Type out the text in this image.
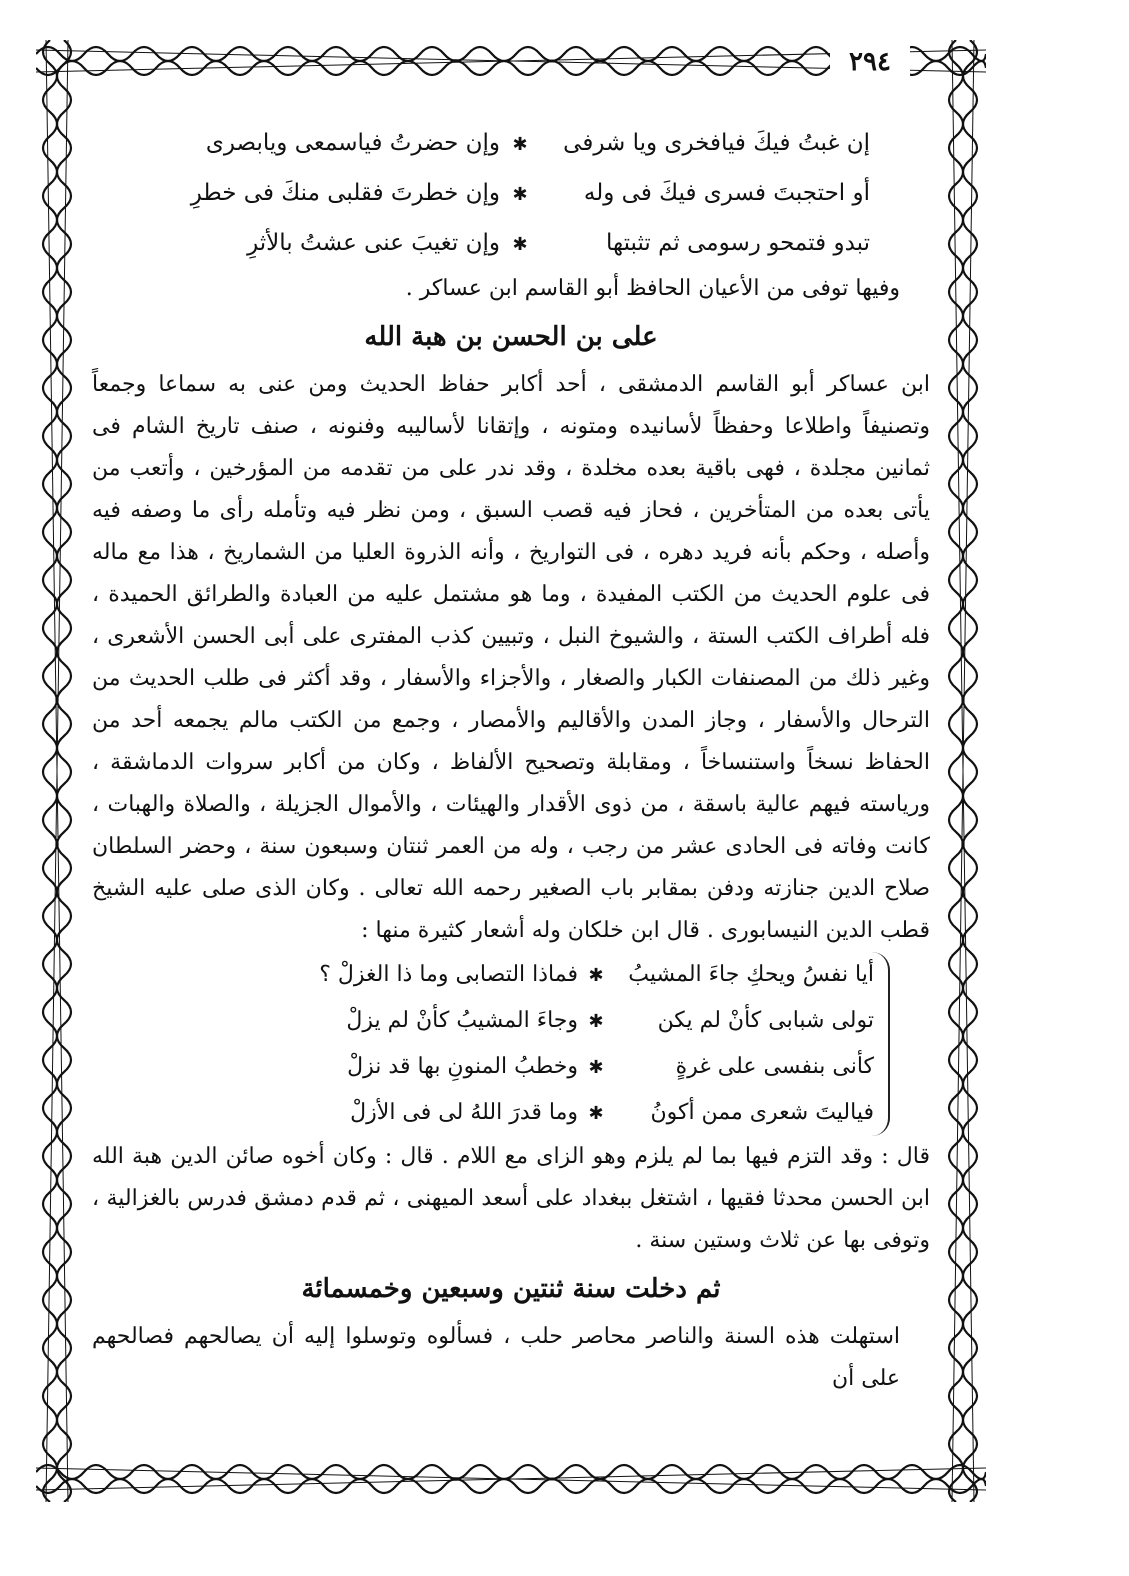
٢٩٤
إن غبتُ فيكَ فيافخرى ويا شرفى
✱
وإن حضرتُ فياسمعى ويابصرى
أو احتجبتَ فسرى فيكَ فى وله
✱
وإن خطرتَ فقلبى منكَ فى خطرِ
تبدو فتمحو رسومى ثم تثبتها
✱
وإن تغيبَ عنى عشتُ بالأثرِ
وفيها توفى من الأعيان الحافظ أبو القاسم ابن عساكر .
على بن الحسن بن هبة الله

ابن عساكر أبو القاسم الدمشقى ، أحد أكابر حفاظ الحديث ومن عنى به سماعا وجمعاً وتصنيفاً واطلاعا وحفظاً لأسانيده ومتونه ، وإتقانا لأساليبه وفنونه ، صنف تاريخ الشام فى ثمانين مجلدة ، فهى باقية بعده مخلدة ، وقد ندر على من تقدمه من المؤرخين ، وأتعب من يأتى بعده من المتأخرين ، فحاز فيه قصب السبق ، ومن نظر فيه وتأمله رأى ما وصفه فيه وأصله ، وحكم بأنه فريد دهره ، فى التواريخ ، وأنه الذروة العليا من الشماريخ ، هذا مع ماله فى علوم الحديث من الكتب المفيدة ، وما هو مشتمل عليه من العبادة والطرائق الحميدة ، فله أطراف الكتب الستة ، والشيوخ النبل ، وتبيين كذب المفترى على أبى الحسن الأشعرى ، وغير ذلك من المصنفات الكبار والصغار ، والأجزاء والأسفار ، وقد أكثر فى طلب الحديث من الترحال والأسفار ، وجاز المدن والأقاليم والأمصار ، وجمع من الكتب مالم يجمعه أحد من الحفاظ نسخاً واستنساخاً ، ومقابلة وتصحيح الألفاظ ، وكان من أكابر سروات الدماشقة ، ورياسته فيهم عالية باسقة ، من ذوى الأقدار والهيئات ، والأموال الجزيلة ، والصلاة والهبات ، كانت وفاته فى الحادى عشر من رجب ، وله من العمر ثنتان وسبعون سنة ، وحضر السلطان صلاح الدين جنازته ودفن بمقابر باب الصغير رحمه الله تعالى . وكان الذى صلى عليه الشيخ قطب الدين النيسابورى . قال ابن خلكان وله أشعار كثيرة منها :

أيا نفسُ ويحكِ جاءَ المشيبُ
✱
فماذا التصابى وما ذا الغزلْ ؟
تولى شبابى كأنْ لم يكن
✱
وجاءَ المشيبُ كأنْ لم يزلْ
كأنى بنفسى على غرةٍ
✱
وخطبُ المنونِ بها قد نزلْ
فياليتَ شعرى ممن أكونُ
✱
وما قدرَ اللهُ لى فى الأزلْ

قال : وقد التزم فيها بما لم يلزم وهو الزاى مع اللام . قال : وكان أخوه صائن الدين هبة الله ابن الحسن محدثا فقيها ، اشتغل ببغداد على أسعد الميهنى ، ثم قدم دمشق فدرس بالغزالية ، وتوفى بها عن ثلاث وستين سنة .

ثم دخلت سنة ثنتين وسبعين وخمسمائة

استهلت هذه السنة والناصر محاصر حلب ، فسألوه وتوسلوا إليه أن يصالحهم فصالحهم على أن
